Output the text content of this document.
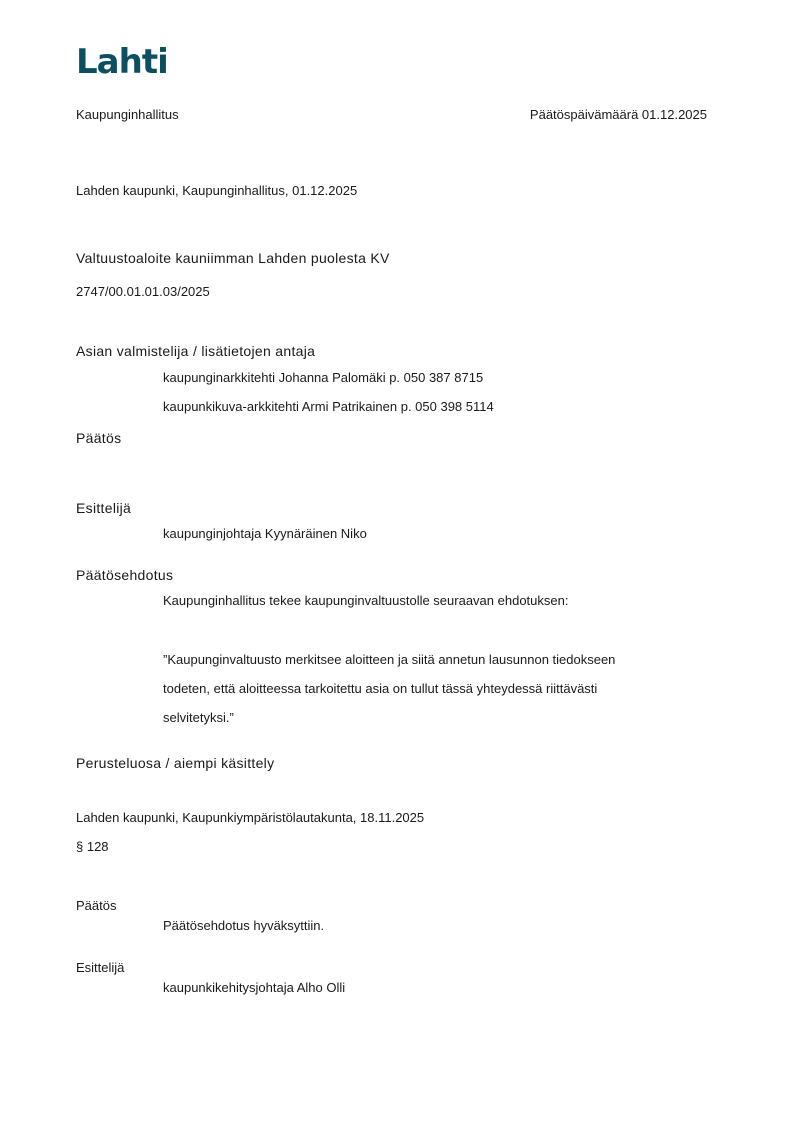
Lahti
Kaupunginhallitus	Päätöspäivämäärä 01.12.2025
Lahden kaupunki, Kaupunginhallitus, 01.12.2025
Valtuustoaloite kauniimman Lahden puolesta KV
2747/00.01.01.03/2025
Asian valmistelija / lisätietojen antaja
kaupunginarkkitehti Johanna Palomäki p. 050 387 8715
kaupunkikuva-arkkitehti Armi Patrikainen p. 050 398 5114
Päätös
Esittelijä
kaupunginjohtaja Kyynäräinen Niko
Päätösehdotus
Kaupunginhallitus tekee kaupunginvaltuustolle seuraavan ehdotuksen:
”Kaupunginvaltuusto merkitsee aloitteen ja siitä annetun lausunnon tiedokseen
todeten, että aloitteessa tarkoitettu asia on tullut tässä yhteydessä riittävästi
selvitetyksi.”
Perusteluosa / aiempi käsittely
Lahden kaupunki, Kaupunkiympäristölautakunta, 18.11.2025
§ 128
Päätös
Päätösehdotus hyväksyttiin.
Esittelijä
kaupunkikehitysjohtaja Alho Olli
